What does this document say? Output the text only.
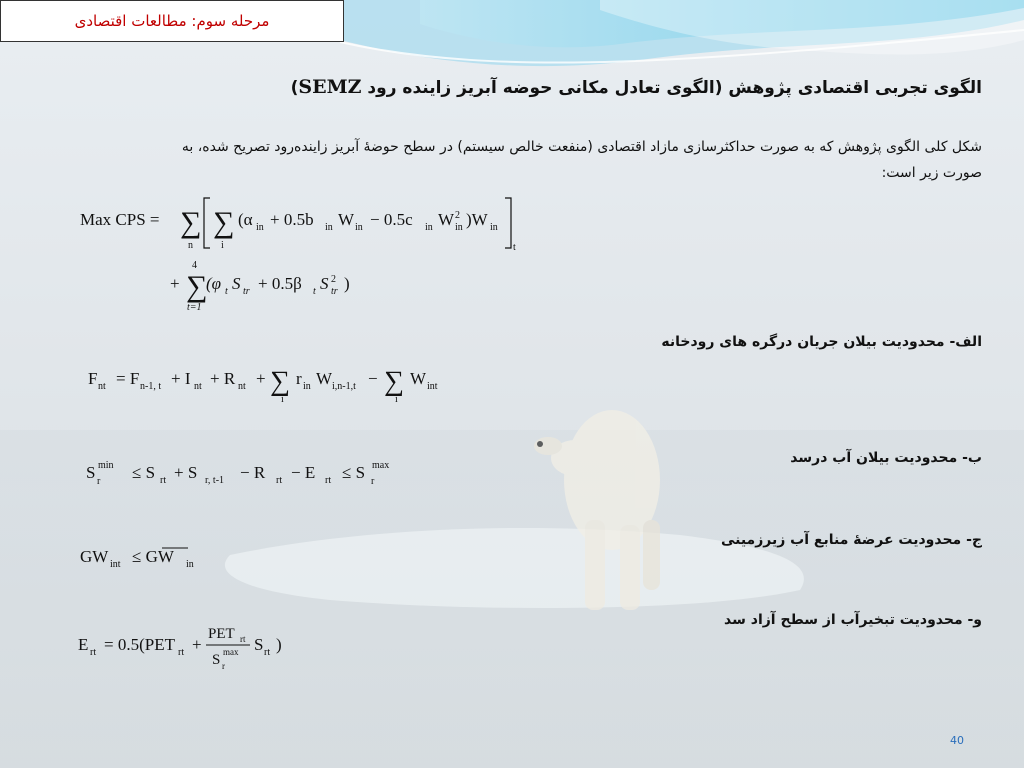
مرحله سوم: مطالعات اقتصادی
الگوی تجربی اقتصادی پژوهش (الگوی تعادل مکانی حوضه آبریز زاینده رود SEMZ)
شکل کلی الگوی پژوهش که به صورت حداکثرسازی مازاد اقتصادی (منفعت خالص سیستم) در سطح حوضۀ آبریز زاینده‌رود تصریح شده، به
صورت زیر است:
Max CPS = ∑
n
∑
i
(α in + 0.5b in W in − 0.5c in W 2
in )W in
t
+ ∑
4
t=1
(φ t S tr + 0.5β t S 2
tr )
الف- محدودیت بیلان جریان درگره های رودخانه
F nt = F n-1, t + I nt + R nt + ∑
i
r in W i,n-1,t − ∑
i
W int
ب- محدودیت بیلان آب درسد
S r
min ≤ S rt + S r, t-1 − R rt − E rt ≤ S r
max
ج- محدودیت عرضۀ منابع آب زیرزمینی
GW int ≤ GW in
و- محدودیت تبخیرآب از سطح آزاد سد
E rt = 0.5(PET rt +
PET rt
S r
max S rt )
40
